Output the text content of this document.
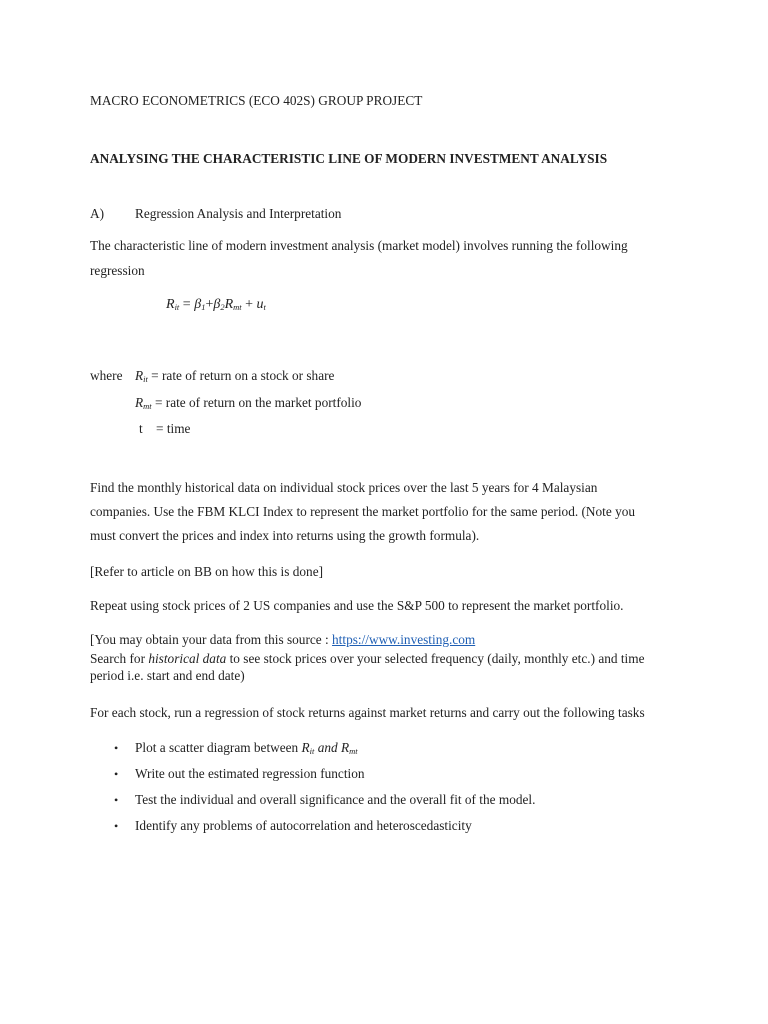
MACRO ECONOMETRICS (ECO 402S) GROUP PROJECT
ANALYSING THE CHARACTERISTIC LINE OF MODERN INVESTMENT ANALYSIS
A) Regression Analysis and Interpretation
The characteristic line of modern investment analysis (market model) involves running the following
regression
$R_{it} = \beta_1+\beta_2R_{mt} + u_t$
where $R_{it}$ = rate of return on a stock or share
$R_{mt}$ = rate of return on the market portfolio
t = time
Find the monthly historical data on individual stock prices over the last 5 years for 4 Malaysian
companies. Use the FBM KLCI Index to represent the market portfolio for the same period. (Note you
must convert the prices and index into returns using the growth formula).
[Refer to article on BB on how this is done]
Repeat using stock prices of 2 US companies and use the S&P 500 to represent the market portfolio.
[You may obtain your data from this source : https://www.investing.com
Search for historical data to see stock prices over your selected frequency (daily, monthly etc.) and time
period i.e. start and end date)
For each stock, run a regression of stock returns against market returns and carry out the following tasks
• Plot a scatter diagram between $R_{it}$ and $R_{mt}$
• Write out the estimated regression function
• Test the individual and overall significance and the overall fit of the model.
• Identify any problems of autocorrelation and heteroscedasticity
